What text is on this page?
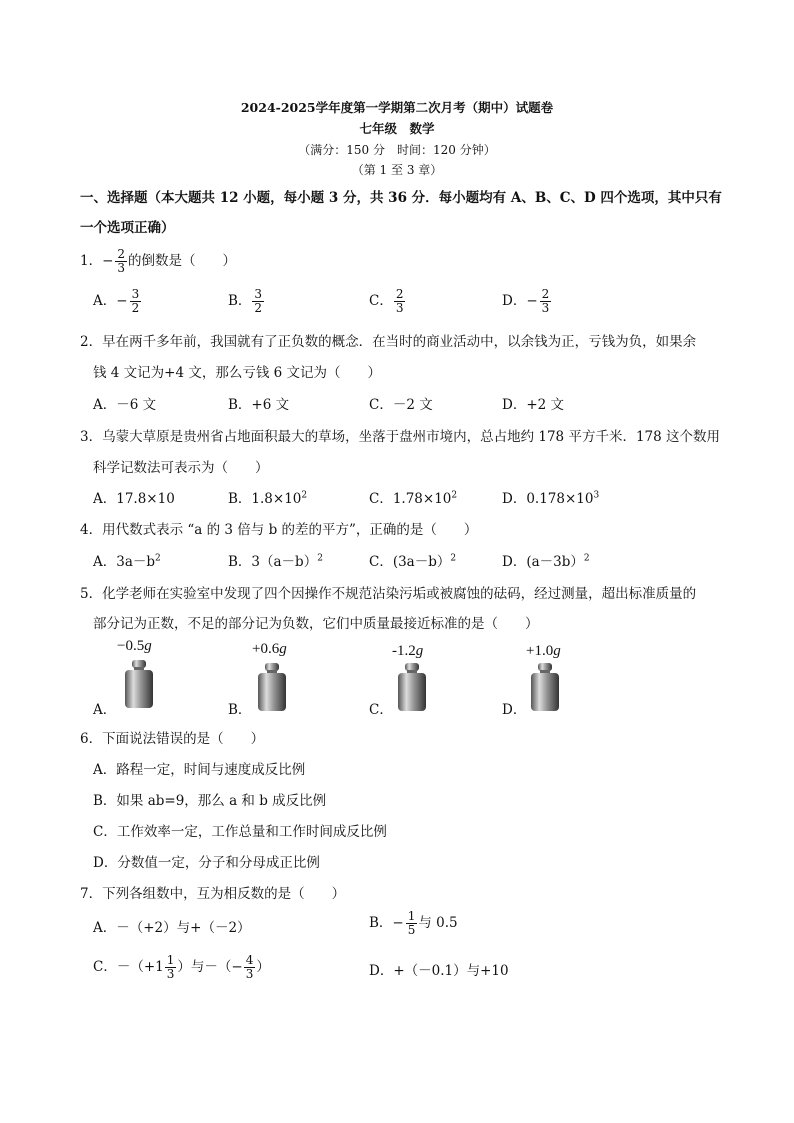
2024-2025学年度第一学期第二次月考（期中）试题卷
七年级　数学
（满分：150 分　时间：120 分钟）
（第 1 至 3 章）
一、选择题（本大题共 12 小题，每小题 3 分，共 36 分．每小题均有 A、B、C、D 四个选项，其中只有
一个选项正确）
1．− $\frac{2}{3}$ 的倒数是（　　）
A．− $\frac{3}{2}$	B． $\frac{3}{2}$	C． $\frac{2}{3}$	D．− $\frac{2}{3}$
2．早在两千多年前，我国就有了正负数的概念．在当时的商业活动中，以余钱为正，亏钱为负，如果余
钱 4 文记为+4 文，那么亏钱 6 文记为（　　）
A．－6 文	B．+6 文	C．－2 文	D．+2 文
3．乌蒙大草原是贵州省占地面积最大的草场，坐落于盘州市境内，总占地约 178 平方千米．178 这个数用
科学记数法可表示为（　　）
A．17.8×10	B．$1.8\times 10^2$	C．$1.78\times 10^2$	D．$0.178\times 10^3$
4．用代数式表示 “a 的 3 倍与 b 的差的平方”，正确的是（　　）
A．$3a-b^2$	B．$3(a-b)^2$	C．(3a－b）$^2$	D．(a－3b）$^2$
5．化学老师在实验室中发现了四个因操作不规范沾染污垢或被腐蚀的砝码，经过测量，超出标准质量的
部分记为正数，不足的部分记为负数，它们中质量最接近标准的是（　　）
A．
−0.5g
B．
+0.6g
C．
-1.2g
D．
+1.0g
6．下面说法错误的是（　　）
A．路程一定，时间与速度成反比例
B．如果 ab=9，那么 a 和 b 成反比例
C．工作效率一定，工作总量和工作时间成反比例
D．分数值一定，分子和分母成正比例
7．下列各组数中，互为相反数的是（　　）
A．－（+2）与+（－2）	B．− $\frac{1}{5}$ 与 0.5
C．$-(+1 \frac{1}{3}$ ）与－（− $\frac{4}{3}$ ）	D．+（－0.1）与+10
